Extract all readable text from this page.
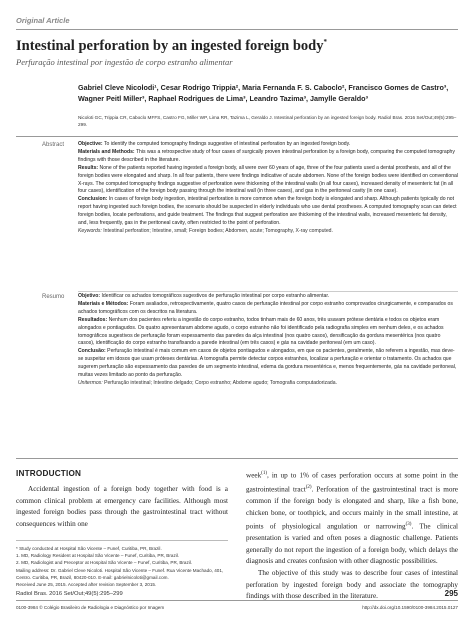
Original Article
Intestinal perforation by an ingested foreign body*
Perfuração intestinal por ingestão de corpo estranho alimentar
Gabriel Cleve Nicolodi¹, Cesar Rodrigo Trippia², Maria Fernanda F. S. Caboclo², Francisco Gomes de Castro³,
Wagner Peitl Miller³, Raphael Rodrigues de Lima³, Leandro Tazima³, Jamylle Geraldo³
Nicoloti GC, Trippia CR, Caboclo MFFS, Castro FG, Miller WP, Lima RR, Tazima L, Geraldo J. Intestinal perforation by an ingested foreign body. Radiol Bras. 2016 Set/Out;49(5):295–299.
Abstract	Objective: To identify the computed tomography findings suggestive of intestinal perforation by an ingested foreign body.

Materials and Methods: This was a retrospective study of four cases of surgically proven intestinal perforation by a foreign body, comparing the computed tomography findings with those described in the literature.

Results: None of the patients reported having ingested a foreign body, all were over 60 years of age, three of the four patients used a dental prosthesis, and all of the foreign bodies were elongated and sharp. In all four patients, there were findings indicative of acute abdomen. None of the foreign bodies were identified on conventional X-rays. The computed tomography findings suggestive of perforation were thickening of the intestinal walls (in all four cases), increased density of mesenteric fat (in all four cases), identification of the foreign body passing through the intestinal wall (in three cases), and gas in the peritoneal cavity (in one case).

Conclusion: In cases of foreign body ingestion, intestinal perforation is more common when the foreign body is elongated and sharp. Although patients typically do not report having ingested such foreign bodies, the scenario should be suspected in elderly individuals who use dental prostheses. A computed tomography scan can detect foreign bodies, locate perforations, and guide treatment. The findings that suggest perforation are thickening of the intestinal walls, increased mesenteric fat density, and, less frequently, gas in the peritoneal cavity, often restricted to the point of perforation.

Keywords: Intestinal perforation; Intestine, small; Foreign bodies; Abdomen, acute; Tomography, X-ray computed.

Resumo	Objetivo: Identificar os achados tomográficos sugestivos de perfuração intestinal por corpo estranho alimentar.

Materiais e Métodos: Foram avaliados, retrospectivamente, quatro casos de perfuração intestinal por corpo estranho comprovados cirurgicamente, e comparados os achados tomográficos com os descritos na literatura.

Resultados: Nenhum dos pacientes referiu a ingestão do corpo estranho, todos tinham mais de 60 anos, três usavam prótese dentária e todos os objetos eram alongados e pontiagudos. Os quatro apresentaram abdome agudo, o corpo estranho não foi identificado pela radiografia simples em nenhum deles, e os achados tomográficos sugestivos de perfuração foram espessamento das paredes da alça intestinal (nos quatro casos), densificação da gordura mesentérica (nos quatro casos), identificação do corpo estranho transfixando a parede intestinal (em três casos) e gás na cavidade peritoneal (em um caso).

Conclusão: Perfuração intestinal é mais comum em casos de objetos pontiagudos e alongados, em que os pacientes, geralmente, não referem a ingestão, mas deve-se suspeitar em idosos que usam próteses dentárias. A tomografia permite detectar corpos estranhos, localizar a perfuração e orientar o tratamento. Os achados que sugerem perfuração são espessamento das paredes de um segmento intestinal, edema da gordura mesentérica e, menos frequentemente, gás na cavidade peritoneal, muitas vezes limitado ao ponto da perfuração.

Unitermos: Perfuração intestinal; Intestino delgado; Corpo estranho; Abdome agudo; Tomografia computadorizada.

INTRODUCTION
Accidental ingestion of a foreign body together with food is a common clinical problem at emergency care facilities. Although most ingested foreign bodies pass through the gastrointestinal tract without consequences within one
week$^{(1)}$, in up to 1% of cases perforation occurs at some point in the gastrointestinal tract$^{(2)}$. Perforation of the gastrointestinal tract is more common if the foreign body is elongated and sharp, like a fish bone, chicken bone, or toothpick, and occurs mainly in the small intestine, at points of physiological angulation or narrowing$^{(3)}$. The clinical presentation is varied and often poses a diagnostic challenge. Patients generally do not report the ingestion of a foreign body, which delays the diagnosis and creates confusion with other diagnostic possibilities.
The objective of this study was to describe four cases of intestinal perforation by ingested foreign body and associate the tomography findings with those described in the literature.

* Study conducted at Hospital São Vicente – Funef, Curitiba, PR, Brazil.

1. MD, Radiology Resident at Hospital São Vicente – Funef, Curitiba, PR, Brazil.

2. MD, Radiologist and Preceptor at Hospital São Vicente – Funef, Curitiba, PR, Brazil.

Mailing address: Dr. Gabriel Cleve Nicoloti. Hospital São Vicente – Funef. Rua Vicente Machado, 401, Centro. Curitiba, PR, Brazil, 80420-010. E-mail: gabrielnicoloti@gmail.com.

Received June 25, 2015. Accepted after revision September 3, 2015.

Radiol Bras. 2016 Set/Out;49(5):295–299	295
0100-3984 © Colégio Brasileiro de Radiologia e Diagnóstico por Imagem	http://dx.doi.org/10.1590/0100-3984.2015.0127
